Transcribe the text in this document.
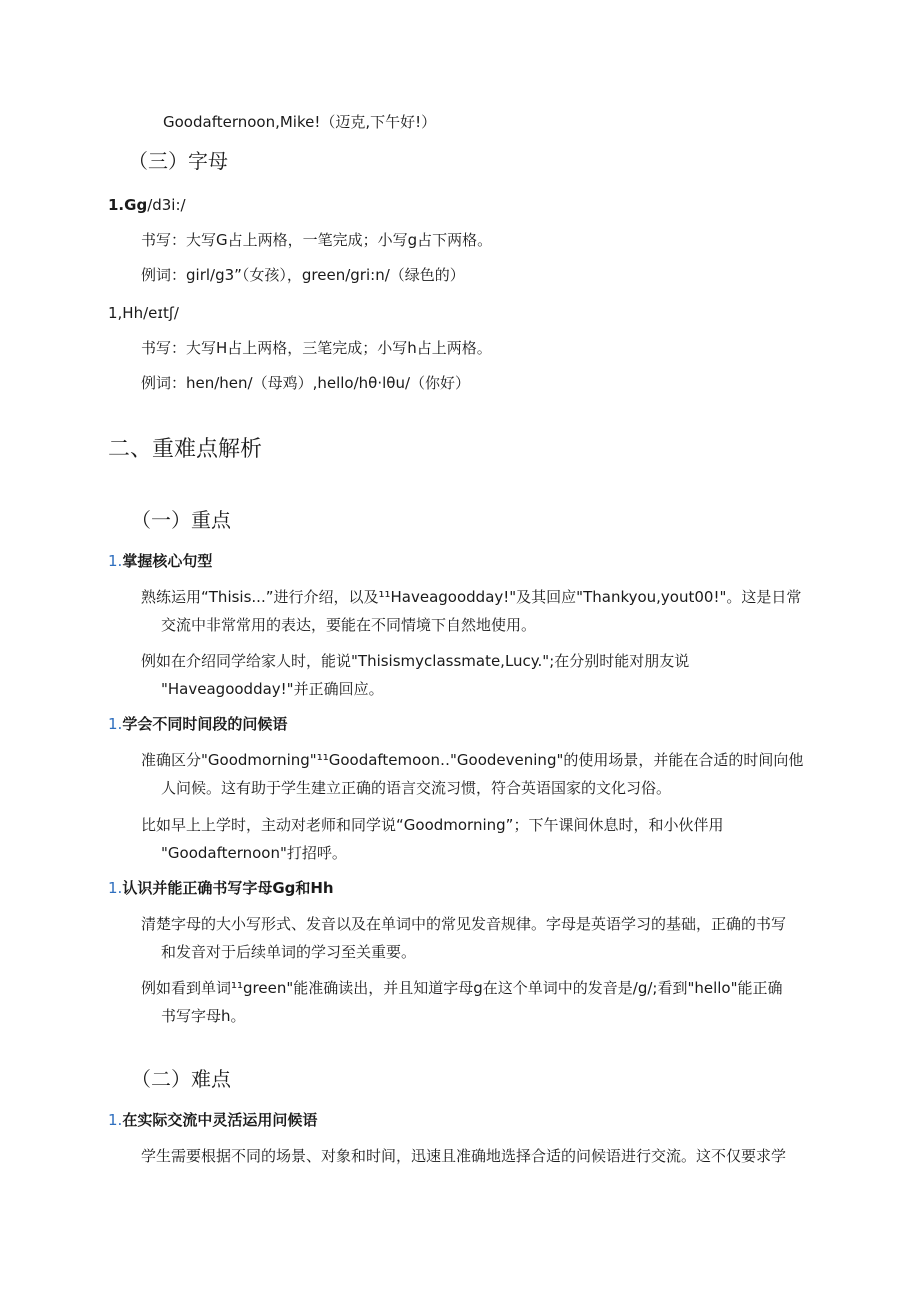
Goodafternoon,Mike!（迈克,下午好!）
（三）字母
1.Gg/d3i:/
书写：大写G占上两格，一笔完成；小写g占下两格。
例词：girl∕g3”（女孩），green/gri:n/（绿色的）
1,Hh∕eɪtʃ∕
书写：大写H占上两格，三笔完成；小写h占上两格。
例词：hen∕hen∕（母鸡）,hello∕hθ·lθu∕（你好）
二、重难点解析
（一）重点
1.掌握核心句型
熟练运用“Thisis...”进行介绍，以及¹¹Haveagoodday!"及其回应"Thankyou,yout00!"。这是日常
交流中非常常用的表达，要能在不同情境下自然地使用。
例如在介绍同学给家人时，能说"Thisismyclassmate,Lucy.";在分别时能对朋友说
"Haveagoodday!"并正确回应。
1.学会不同时间段的问候语
准确区分"Goodmorning"¹¹Goodaftemoon‥"Goodevening"的使用场景，并能在合适的时间向他
人问候。这有助于学生建立正确的语言交流习惯，符合英语国家的文化习俗。
比如早上上学时，主动对老师和同学说“Goodmorning”；下午课间休息时，和小伙伴用
"Goodafternoon"打招呼。
1.认识并能正确书写字母Gg和Hh
清楚字母的大小写形式、发音以及在单词中的常见发音规律。字母是英语学习的基础，正确的书写
和发音对于后续单词的学习至关重要。
例如看到单词¹¹green"能准确读出，并且知道字母g在这个单词中的发音是/g/;看到"hello"能正确
书写字母h。
（二）难点
1.在实际交流中灵活运用问候语
学生需要根据不同的场景、对象和时间，迅速且准确地选择合适的问候语进行交流。这不仅要求学
